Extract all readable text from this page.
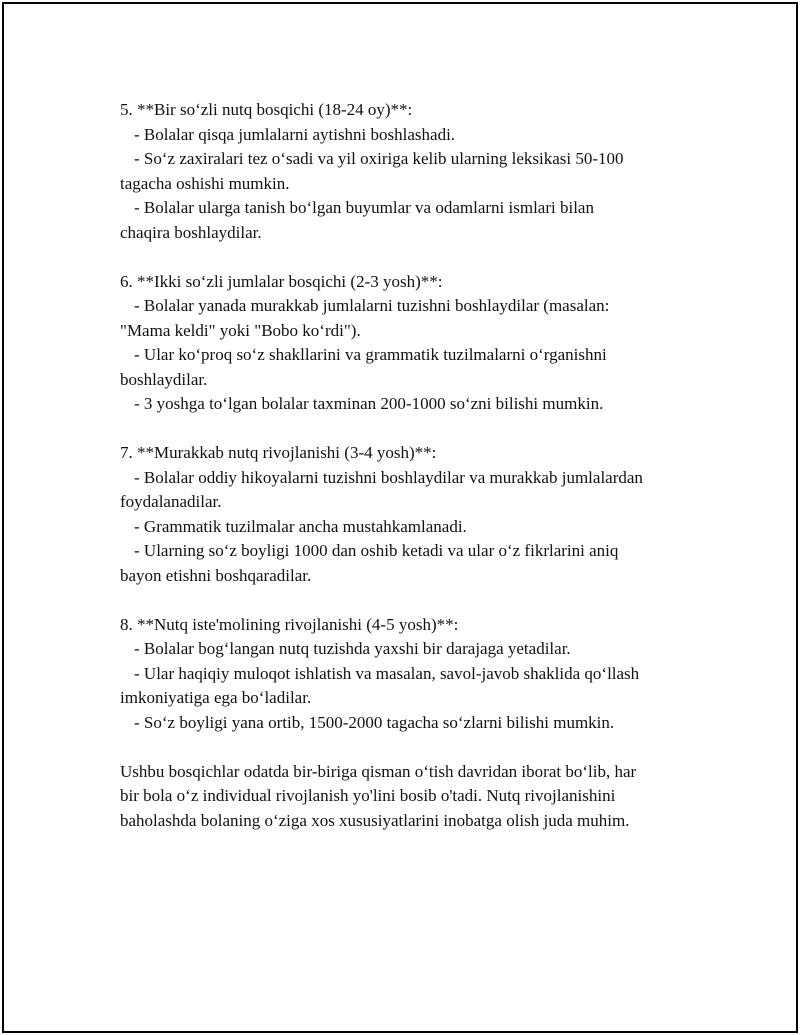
5. **Bir so‘zli nutq bosqichi (18-24 oy)**:
- Bolalar qisqa jumlalarni aytishni boshlashadi.
- So‘z zaxiralari tez o‘sadi va yil oxiriga kelib ularning leksikasi 50-100
tagacha oshishi mumkin.
- Bolalar ularga tanish bo‘lgan buyumlar va odamlarni ismlari bilan
chaqira boshlaydilar.
6. **Ikki so‘zli jumlalar bosqichi (2-3 yosh)**:
- Bolalar yanada murakkab jumlalarni tuzishni boshlaydilar (masalan:
"Mama keldi" yoki "Bobo ko‘rdi").
- Ular ko‘proq so‘z shakllarini va grammatik tuzilmalarni o‘rganishni
boshlaydilar.
- 3 yoshga to‘lgan bolalar taxminan 200-1000 so‘zni bilishi mumkin.
7. **Murakkab nutq rivojlanishi (3-4 yosh)**:
- Bolalar oddiy hikoyalarni tuzishni boshlaydilar va murakkab jumlalardan
foydalanadilar.
- Grammatik tuzilmalar ancha mustahkamlanadi.
- Ularning so‘z boyligi 1000 dan oshib ketadi va ular o‘z fikrlarini aniq
bayon etishni boshqaradilar.
8. **Nutq iste'molining rivojlanishi (4-5 yosh)**:
- Bolalar bog‘langan nutq tuzishda yaxshi bir darajaga yetadilar.
- Ular haqiqiy muloqot ishlatish va masalan, savol-javob shaklida qo‘llash
imkoniyatiga ega bo‘ladilar.
- So‘z boyligi yana ortib, 1500-2000 tagacha so‘zlarni bilishi mumkin.
Ushbu bosqichlar odatda bir-biriga qisman o‘tish davridan iborat bo‘lib, har
bir bola o‘z individual rivojlanish yo'lini bosib o'tadi. Nutq rivojlanishini
baholashda bolaning o‘ziga xos xususiyatlarini inobatga olish juda muhim.
